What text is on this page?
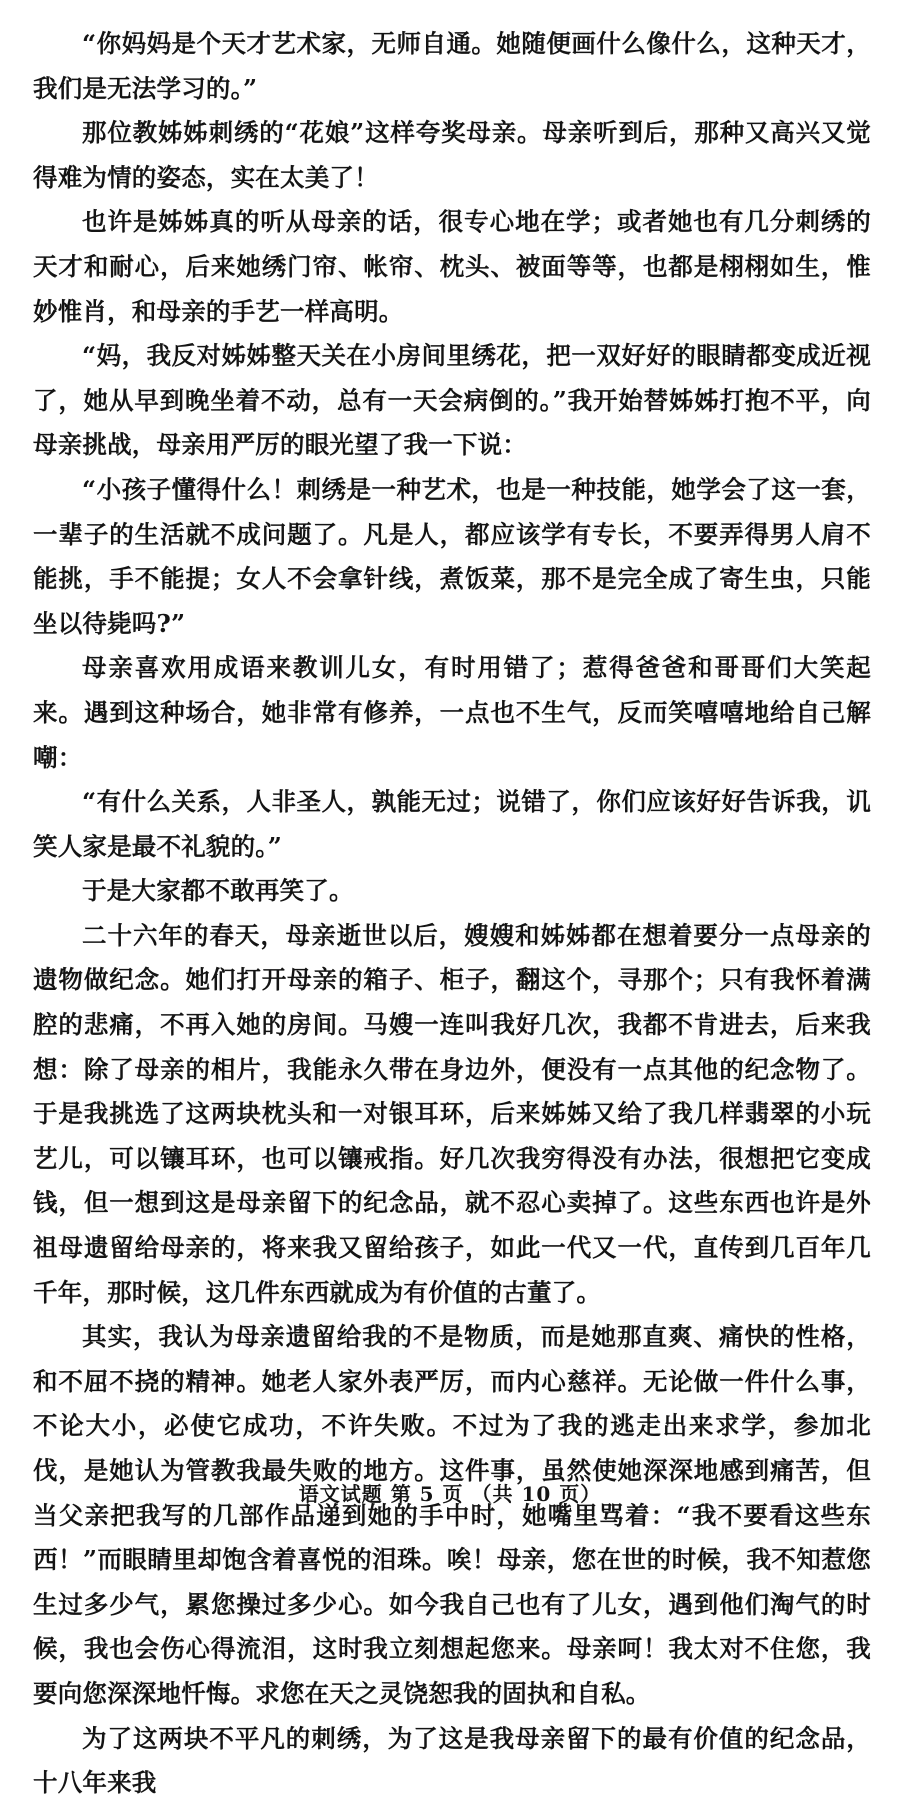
“你妈妈是个天才艺术家，无师自通。她随便画什么像什么，这种天才，我们是无法学习的。”

那位教姊姊刺绣的“花娘”这样夸奖母亲。母亲听到后，那种又高兴又觉得难为情的姿态，实在太美了！

也许是姊姊真的听从母亲的话，很专心地在学；或者她也有几分刺绣的天才和耐心，后来她绣门帘、帐帘、枕头、被面等等，也都是栩栩如生，惟妙惟肖，和母亲的手艺一样高明。

“妈，我反对姊姊整天关在小房间里绣花，把一双好好的眼睛都变成近视了，她从早到晚坐着不动，总有一天会病倒的。”我开始替姊姊打抱不平，向母亲挑战，母亲用严厉的眼光望了我一下说：

“小孩子懂得什么！刺绣是一种艺术，也是一种技能，她学会了这一套，一辈子的生活就不成问题了。凡是人，都应该学有专长，不要弄得男人肩不能挑，手不能提；女人不会拿针线，煮饭菜，那不是完全成了寄生虫，只能坐以待毙吗?”

母亲喜欢用成语来教训儿女，有时用错了；惹得爸爸和哥哥们大笑起来。遇到这种场合，她非常有修养，一点也不生气，反而笑嘻嘻地给自己解嘲：

“有什么关系，人非圣人，孰能无过；说错了，你们应该好好告诉我，讥笑人家是最不礼貌的。”

于是大家都不敢再笑了。

二十六年的春天，母亲逝世以后，嫂嫂和姊姊都在想着要分一点母亲的遗物做纪念。她们打开母亲的箱子、柜子，翻这个，寻那个；只有我怀着满腔的悲痛，不再入她的房间。马嫂一连叫我好几次，我都不肯进去，后来我想：除了母亲的相片，我能永久带在身边外，便没有一点其他的纪念物了。于是我挑选了这两块枕头和一对银耳环，后来姊姊又给了我几样翡翠的小玩艺儿，可以镶耳环，也可以镶戒指。好几次我穷得没有办法，很想把它变成钱，但一想到这是母亲留下的纪念品，就不忍心卖掉了。这些东西也许是外祖母遗留给母亲的，将来我又留给孩子，如此一代又一代，直传到几百年几千年，那时候，这几件东西就成为有价值的古董了。

其实，我认为母亲遗留给我的不是物质，而是她那直爽、痛快的性格，和不屈不挠的精神。她老人家外表严厉，而内心慈祥。无论做一件什么事，不论大小，必使它成功，不许失败。不过为了我的逃走出来求学，参加北伐，是她认为管教我最失败的地方。这件事，虽然使她深深地感到痛苦，但当父亲把我写的几部作品递到她的手中时，她嘴里骂着：“我不要看这些东西！”而眼睛里却饱含着喜悦的泪珠。唉！母亲，您在世的时候，我不知惹您生过多少气，累您操过多少心。如今我自己也有了儿女，遇到他们淘气的时候，我也会伤心得流泪，这时我立刻想起您来。母亲呵！我太对不住您，我要向您深深地忏悔。求您在天之灵饶恕我的固执和自私。

为了这两块不平凡的刺绣，为了这是我母亲留下的最有价值的纪念品，十八年来我

语文试题 第 5 页 （共 10 页）
